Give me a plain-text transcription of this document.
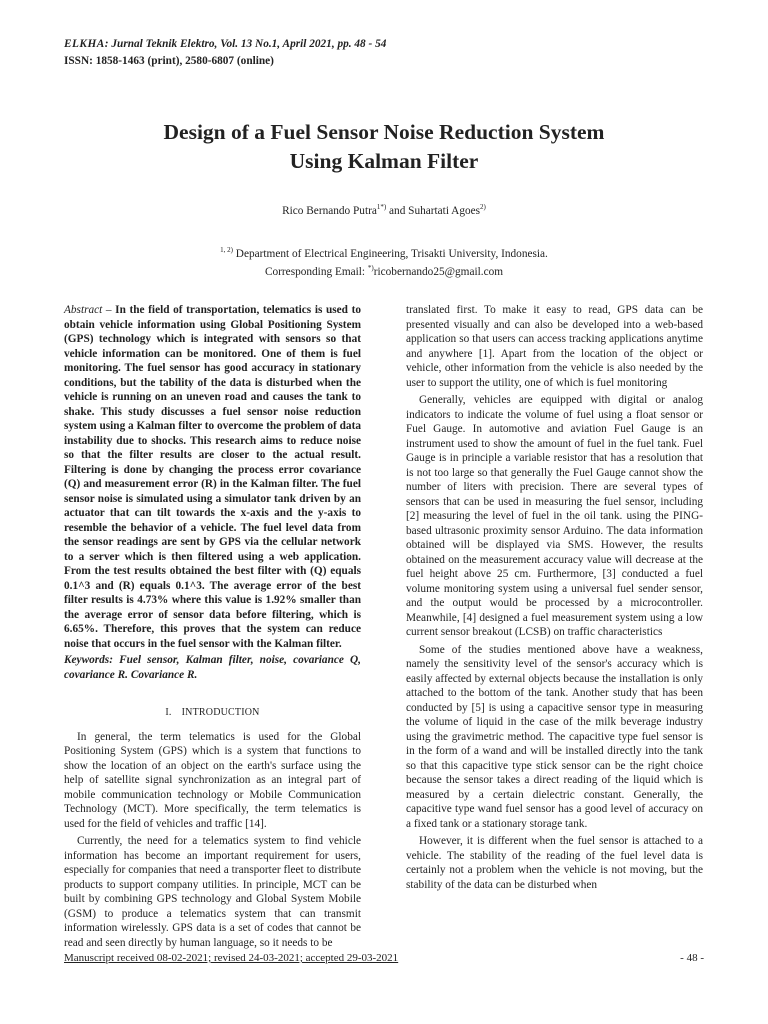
ELKHA: Jurnal Teknik Elektro, Vol. 13 No.1, April 2021, pp. 48 - 54
ISSN: 1858-1463 (print), 2580-6807 (online)
Design of a Fuel Sensor Noise Reduction System
Using Kalman Filter
Rico Bernando Putra$^{1*)}$ and Suhartati Agoes$^{2)}$
$^{1, 2)}$ Department of Electrical Engineering, Trisakti University, Indonesia.
Corresponding Email: *)ricobernando25@gmail.com

Abstract – In the field of transportation, telematics is used to obtain vehicle information using Global Positioning System (GPS) technology which is integrated with sensors so that vehicle information can be monitored. One of them is fuel monitoring. The fuel sensor has good accuracy in stationary conditions, but the tability of the data is disturbed when the vehicle is running on an uneven road and causes the tank to shake. This study discusses a fuel sensor noise reduction system using a Kalman filter to overcome the problem of data instability due to shocks. This research aims to reduce noise so that the filter results are closer to the actual result. Filtering is done by changing the process error covariance (Q) and measurement error (R) in the Kalman filter. The fuel sensor noise is simulated using a simulator tank driven by an actuator that can tilt towards the x-axis and the y-axis to resemble the behavior of a vehicle. The fuel level data from the sensor readings are sent by GPS via the cellular network to a server which is then filtered using a web application. From the test results obtained the best filter with (Q) equals 0.1^3 and (R) equals 0.1^3. The average error of the best filter results is 4.73% where this value is 1.92% smaller than the average error of sensor data before filtering, which is 6.65%. Therefore, this proves that the system can reduce noise that occurs in the fuel sensor with the Kalman filter.

Keywords: Fuel sensor, Kalman filter, noise, covariance Q, covariance R. Covariance R.

I. INTRODUCTION

In general, the term telematics is used for the Global Positioning System (GPS) which is a system that functions to show the location of an object on the earth's surface using the help of satellite signal synchronization as an integral part of mobile communication technology or Mobile Communication Technology (MCT). More specifically, the term telematics is used for the field of vehicles and traffic [14].

Currently, the need for a telematics system to find vehicle information has become an important requirement for users, especially for companies that need a transporter fleet to distribute products to support company utilities. In principle, MCT can be built by combining GPS technology and Global System Mobile (GSM) to produce a telematics system that can transmit information wirelessly. GPS data is a set of codes that cannot be read and seen directly by human language, so it needs to be

translated first. To make it easy to read, GPS data can be presented visually and can also be developed into a web-based application so that users can access tracking applications anytime and anywhere [1]. Apart from the location of the object or vehicle, other information from the vehicle is also needed by the user to support the utility, one of which is fuel monitoring

Generally, vehicles are equipped with digital or analog indicators to indicate the volume of fuel using a float sensor or Fuel Gauge. In automotive and aviation Fuel Gauge is an instrument used to show the amount of fuel in the fuel tank. Fuel Gauge is in principle a variable resistor that has a resolution that is not too large so that generally the Fuel Gauge cannot show the number of liters with precision. There are several types of sensors that can be used in measuring the fuel sensor, including [2] measuring the level of fuel in the oil tank. using the PING-based ultrasonic proximity sensor Arduino. The data information obtained will be displayed via SMS. However, the results obtained on the measurement accuracy value will decrease at the fuel height above 25 cm. Furthermore, [3] conducted a fuel volume monitoring system using a universal fuel sender sensor, and the output would be processed by a microcontroller. Meanwhile, [4] designed a fuel measurement system using a low current sensor breakout (LCSB) on traffic characteristics

Some of the studies mentioned above have a weakness, namely the sensitivity level of the sensor's accuracy which is easily affected by external objects because the installation is only attached to the bottom of the tank. Another study that has been conducted by [5] is using a capacitive sensor type in measuring the volume of liquid in the case of the milk beverage industry using the gravimetric method. The capacitive type fuel sensor is in the form of a wand and will be installed directly into the tank so that this capacitive type stick sensor can be the right choice because the sensor takes a direct reading of the liquid which is measured by a certain dielectric constant. Generally, the capacitive type wand fuel sensor has a good level of accuracy on a fixed tank or a stationary storage tank.

However, it is different when the fuel sensor is attached to a vehicle. The stability of the reading of the fuel level data is certainly not a problem when the vehicle is not moving, but the stability of the data can be disturbed when

Manuscript received 08-02-2021; revised 24-03-2021; accepted 29-03-2021	- 48 -
